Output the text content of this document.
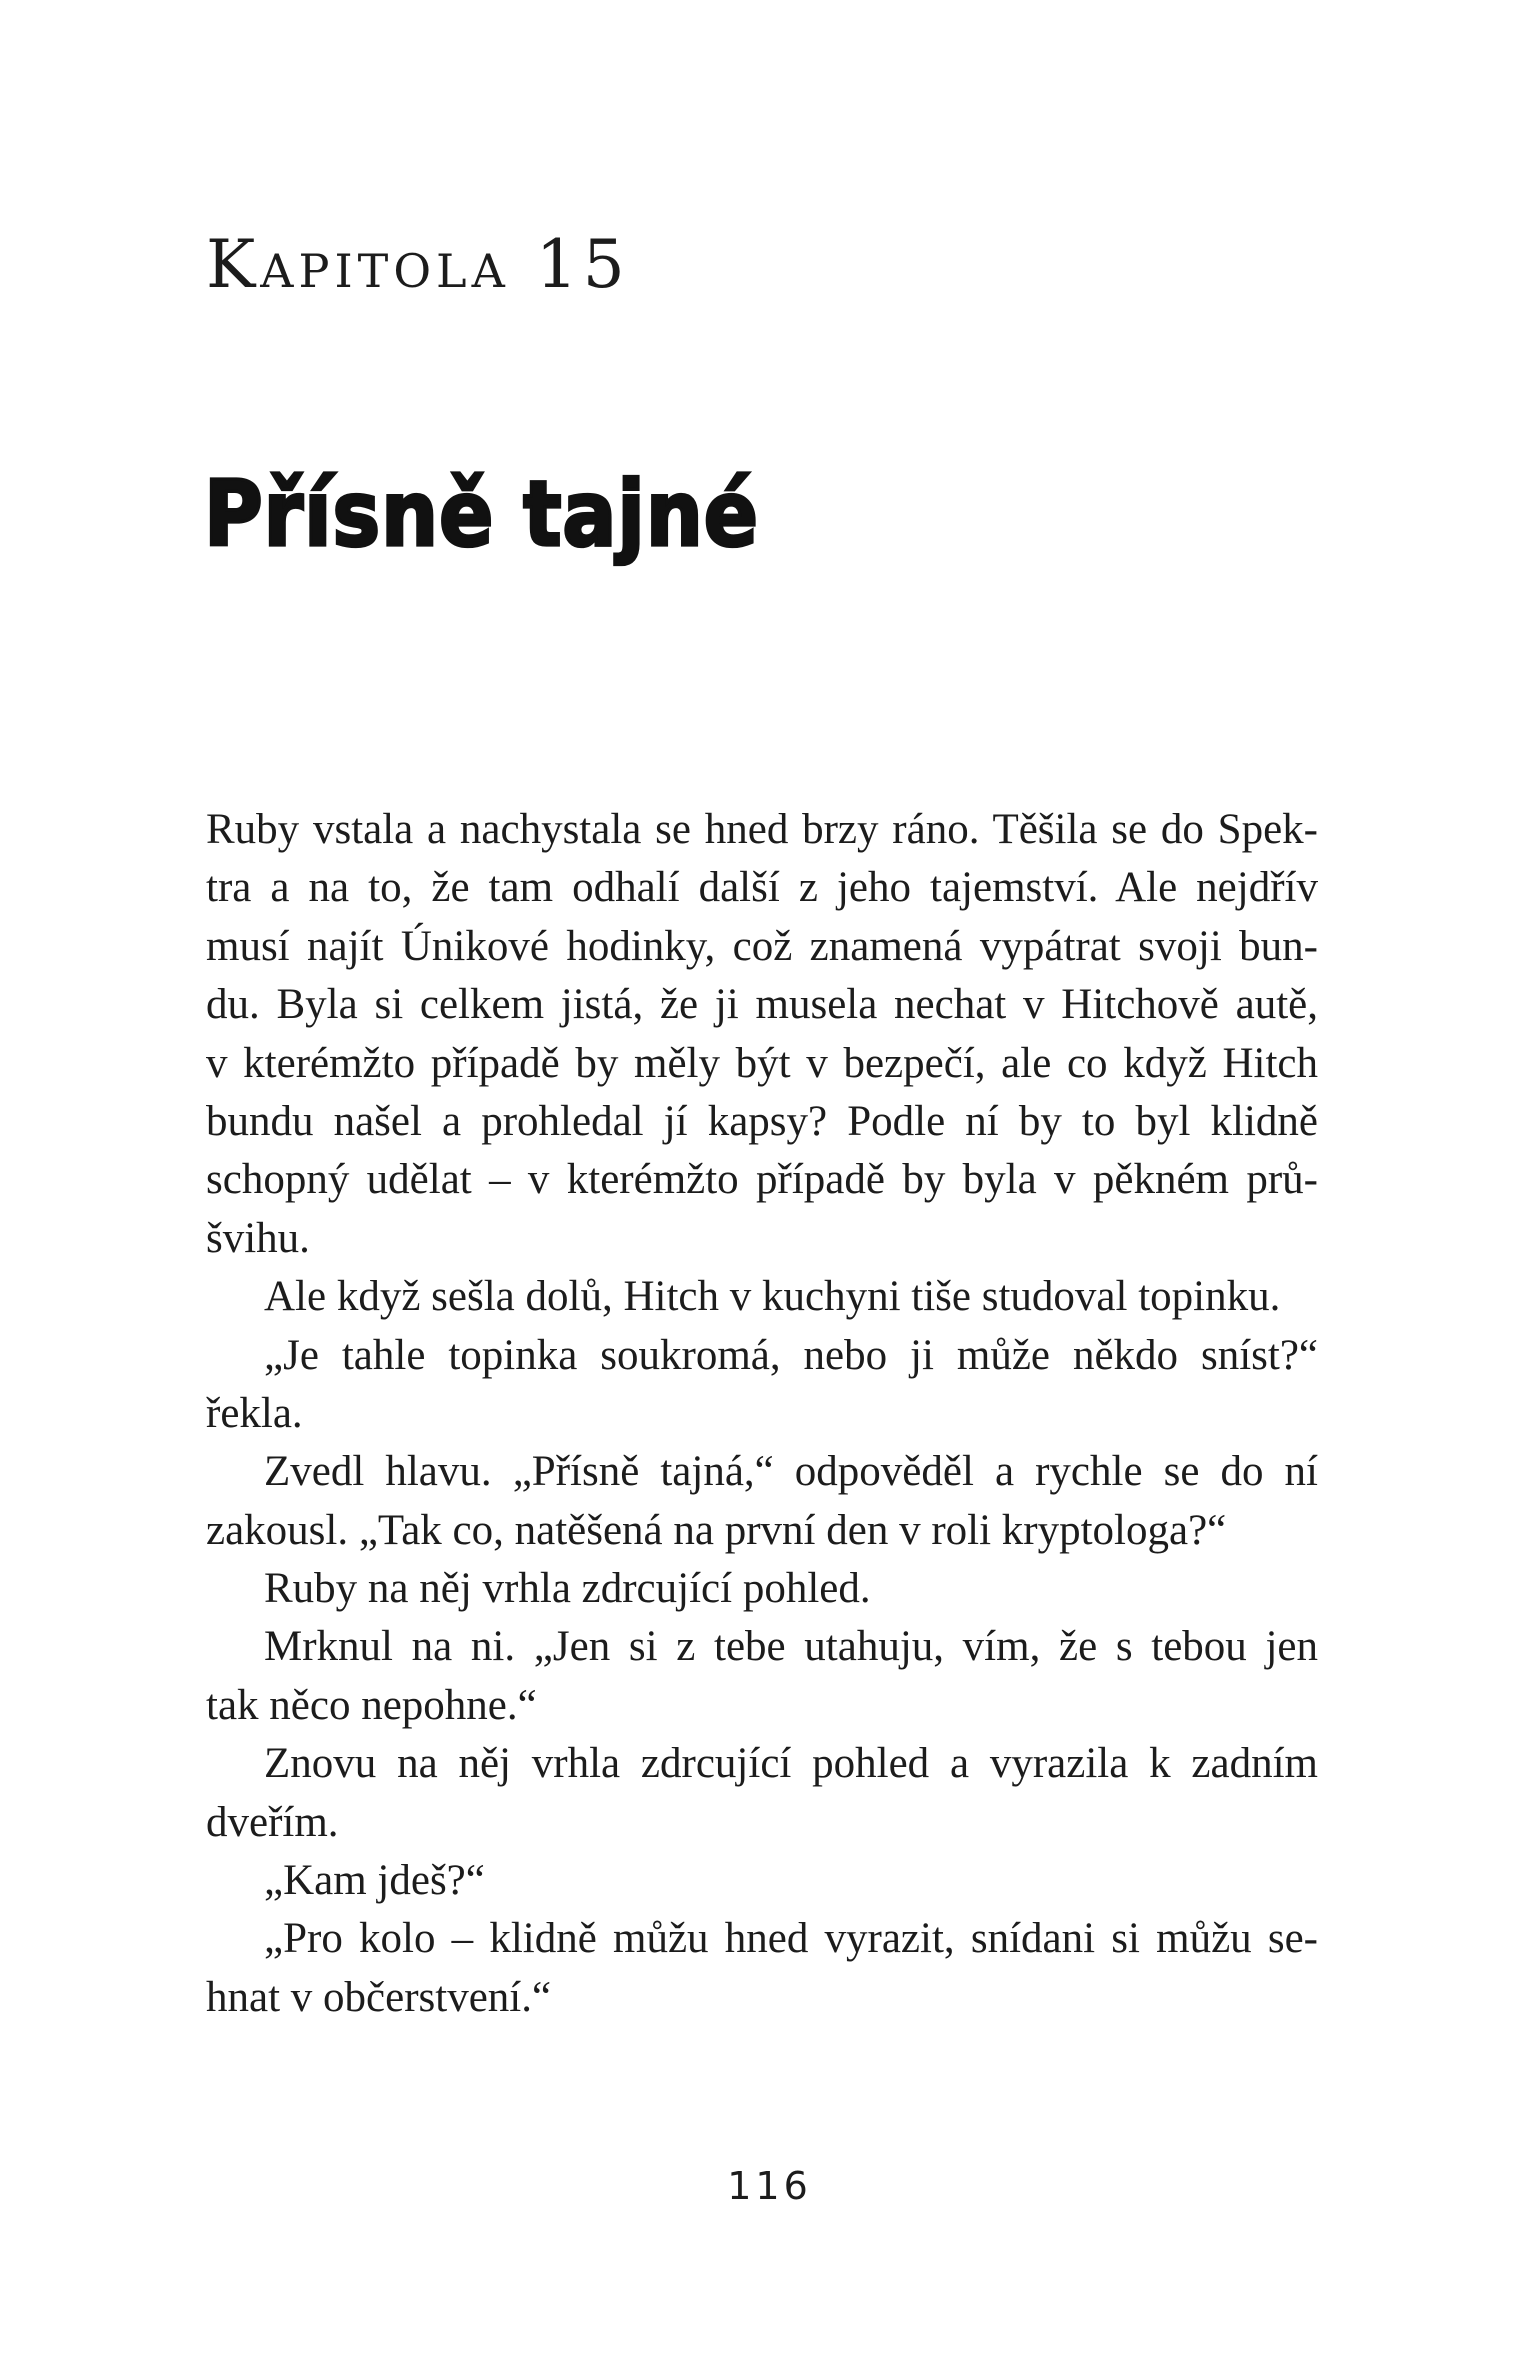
Kapitola 15
Přísně tajné
Ruby vstala a nachystala se hned brzy ráno. Těšila se do Spek-
tra a na to, že tam odhalí další z jeho tajemství. Ale nejdřív
musí najít Únikové hodinky, což znamená vypátrat svoji bun-
du. Byla si celkem jistá, že ji musela nechat v Hitchově autě,
v kterémžto případě by měly být v bezpečí, ale co když Hitch
bundu našel a prohledal jí kapsy? Podle ní by to byl klidně
schopný udělat – v kterémžto případě by byla v pěkném prů-
švihu.
Ale když sešla dolů, Hitch v kuchyni tiše studoval topinku.
„Je tahle topinka soukromá, nebo ji může někdo sníst?“
řekla.
Zvedl hlavu. „Přísně tajná,“ odpověděl a rychle se do ní
zakousl. „Tak co, natěšená na první den v roli kryptologa?“
Ruby na něj vrhla zdrcující pohled.
Mrknul na ni. „Jen si z tebe utahuju, vím, že s tebou jen
tak něco nepohne.“
Znovu na něj vrhla zdrcující pohled a vyrazila k zadním
dveřím.
„Kam jdeš?“
„Pro kolo – klidně můžu hned vyrazit, snídani si můžu se-
hnat v občerstvení.“
116
